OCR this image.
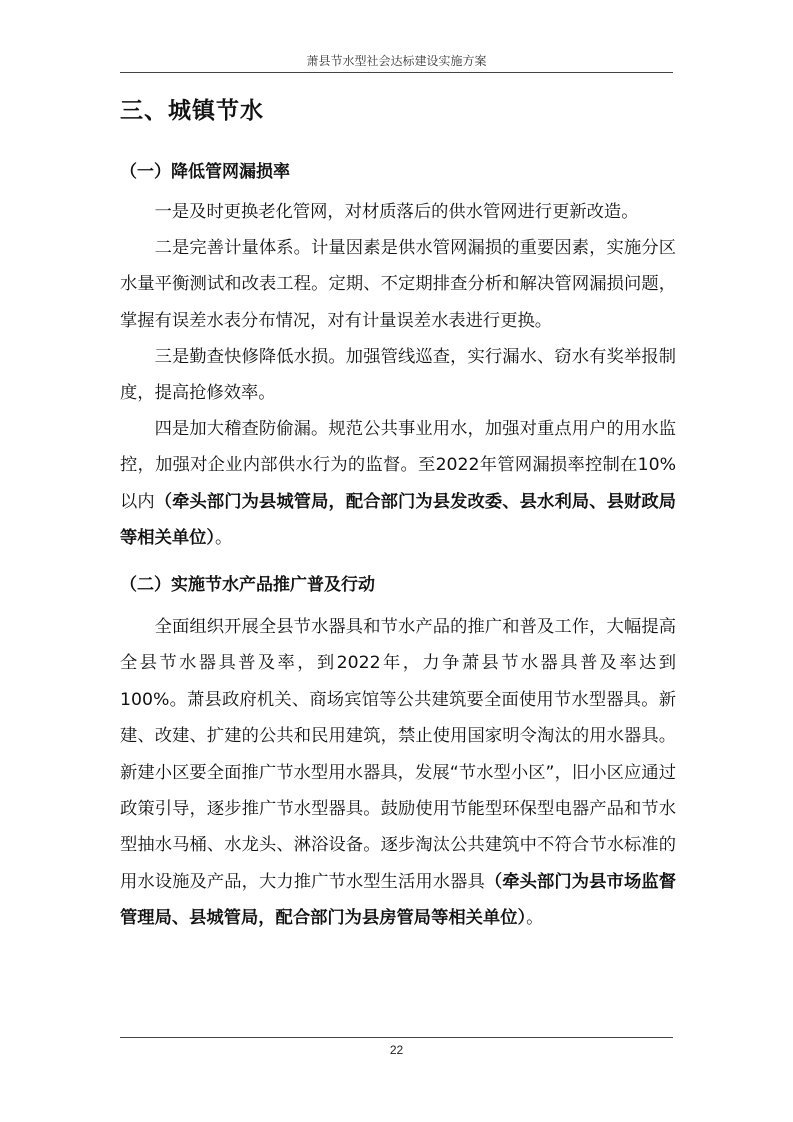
萧县节水型社会达标建设实施方案
三、城镇节水
（一）降低管网漏损率

一是及时更换老化管网，对材质落后的供水管网进行更新改造。

二是完善计量体系。计量因素是供水管网漏损的重要因素，实施分区水量平衡测试和改表工程。定期、不定期排查分析和解决管网漏损问题，掌握有误差水表分布情况，对有计量误差水表进行更换。

三是勤查快修降低水损。加强管线巡查，实行漏水、窃水有奖举报制度，提高抢修效率。

四是加大稽查防偷漏。规范公共事业用水，加强对重点用户的用水监控，加强对企业内部供水行为的监督。至2022年管网漏损率控制在10%以内（牵头部门为县城管局，配合部门为县发改委、县水利局、县财政局等相关单位）。

（二）实施节水产品推广普及行动

全面组织开展全县节水器具和节水产品的推广和普及工作，大幅提高全县节水器具普及率，到2022年，力争萧县节水器具普及率达到100%。萧县政府机关、商场宾馆等公共建筑要全面使用节水型器具。新建、改建、扩建的公共和民用建筑，禁止使用国家明令淘汰的用水器具。新建小区要全面推广节水型用水器具，发展“节水型小区”，旧小区应通过政策引导，逐步推广节水型器具。鼓励使用节能型环保型电器产品和节水型抽水马桶、水龙头、淋浴设备。逐步淘汰公共建筑中不符合节水标准的用水设施及产品，大力推广节水型生活用水器具（牵头部门为县市场监督管理局、县城管局，配合部门为县房管局等相关单位）。

22
